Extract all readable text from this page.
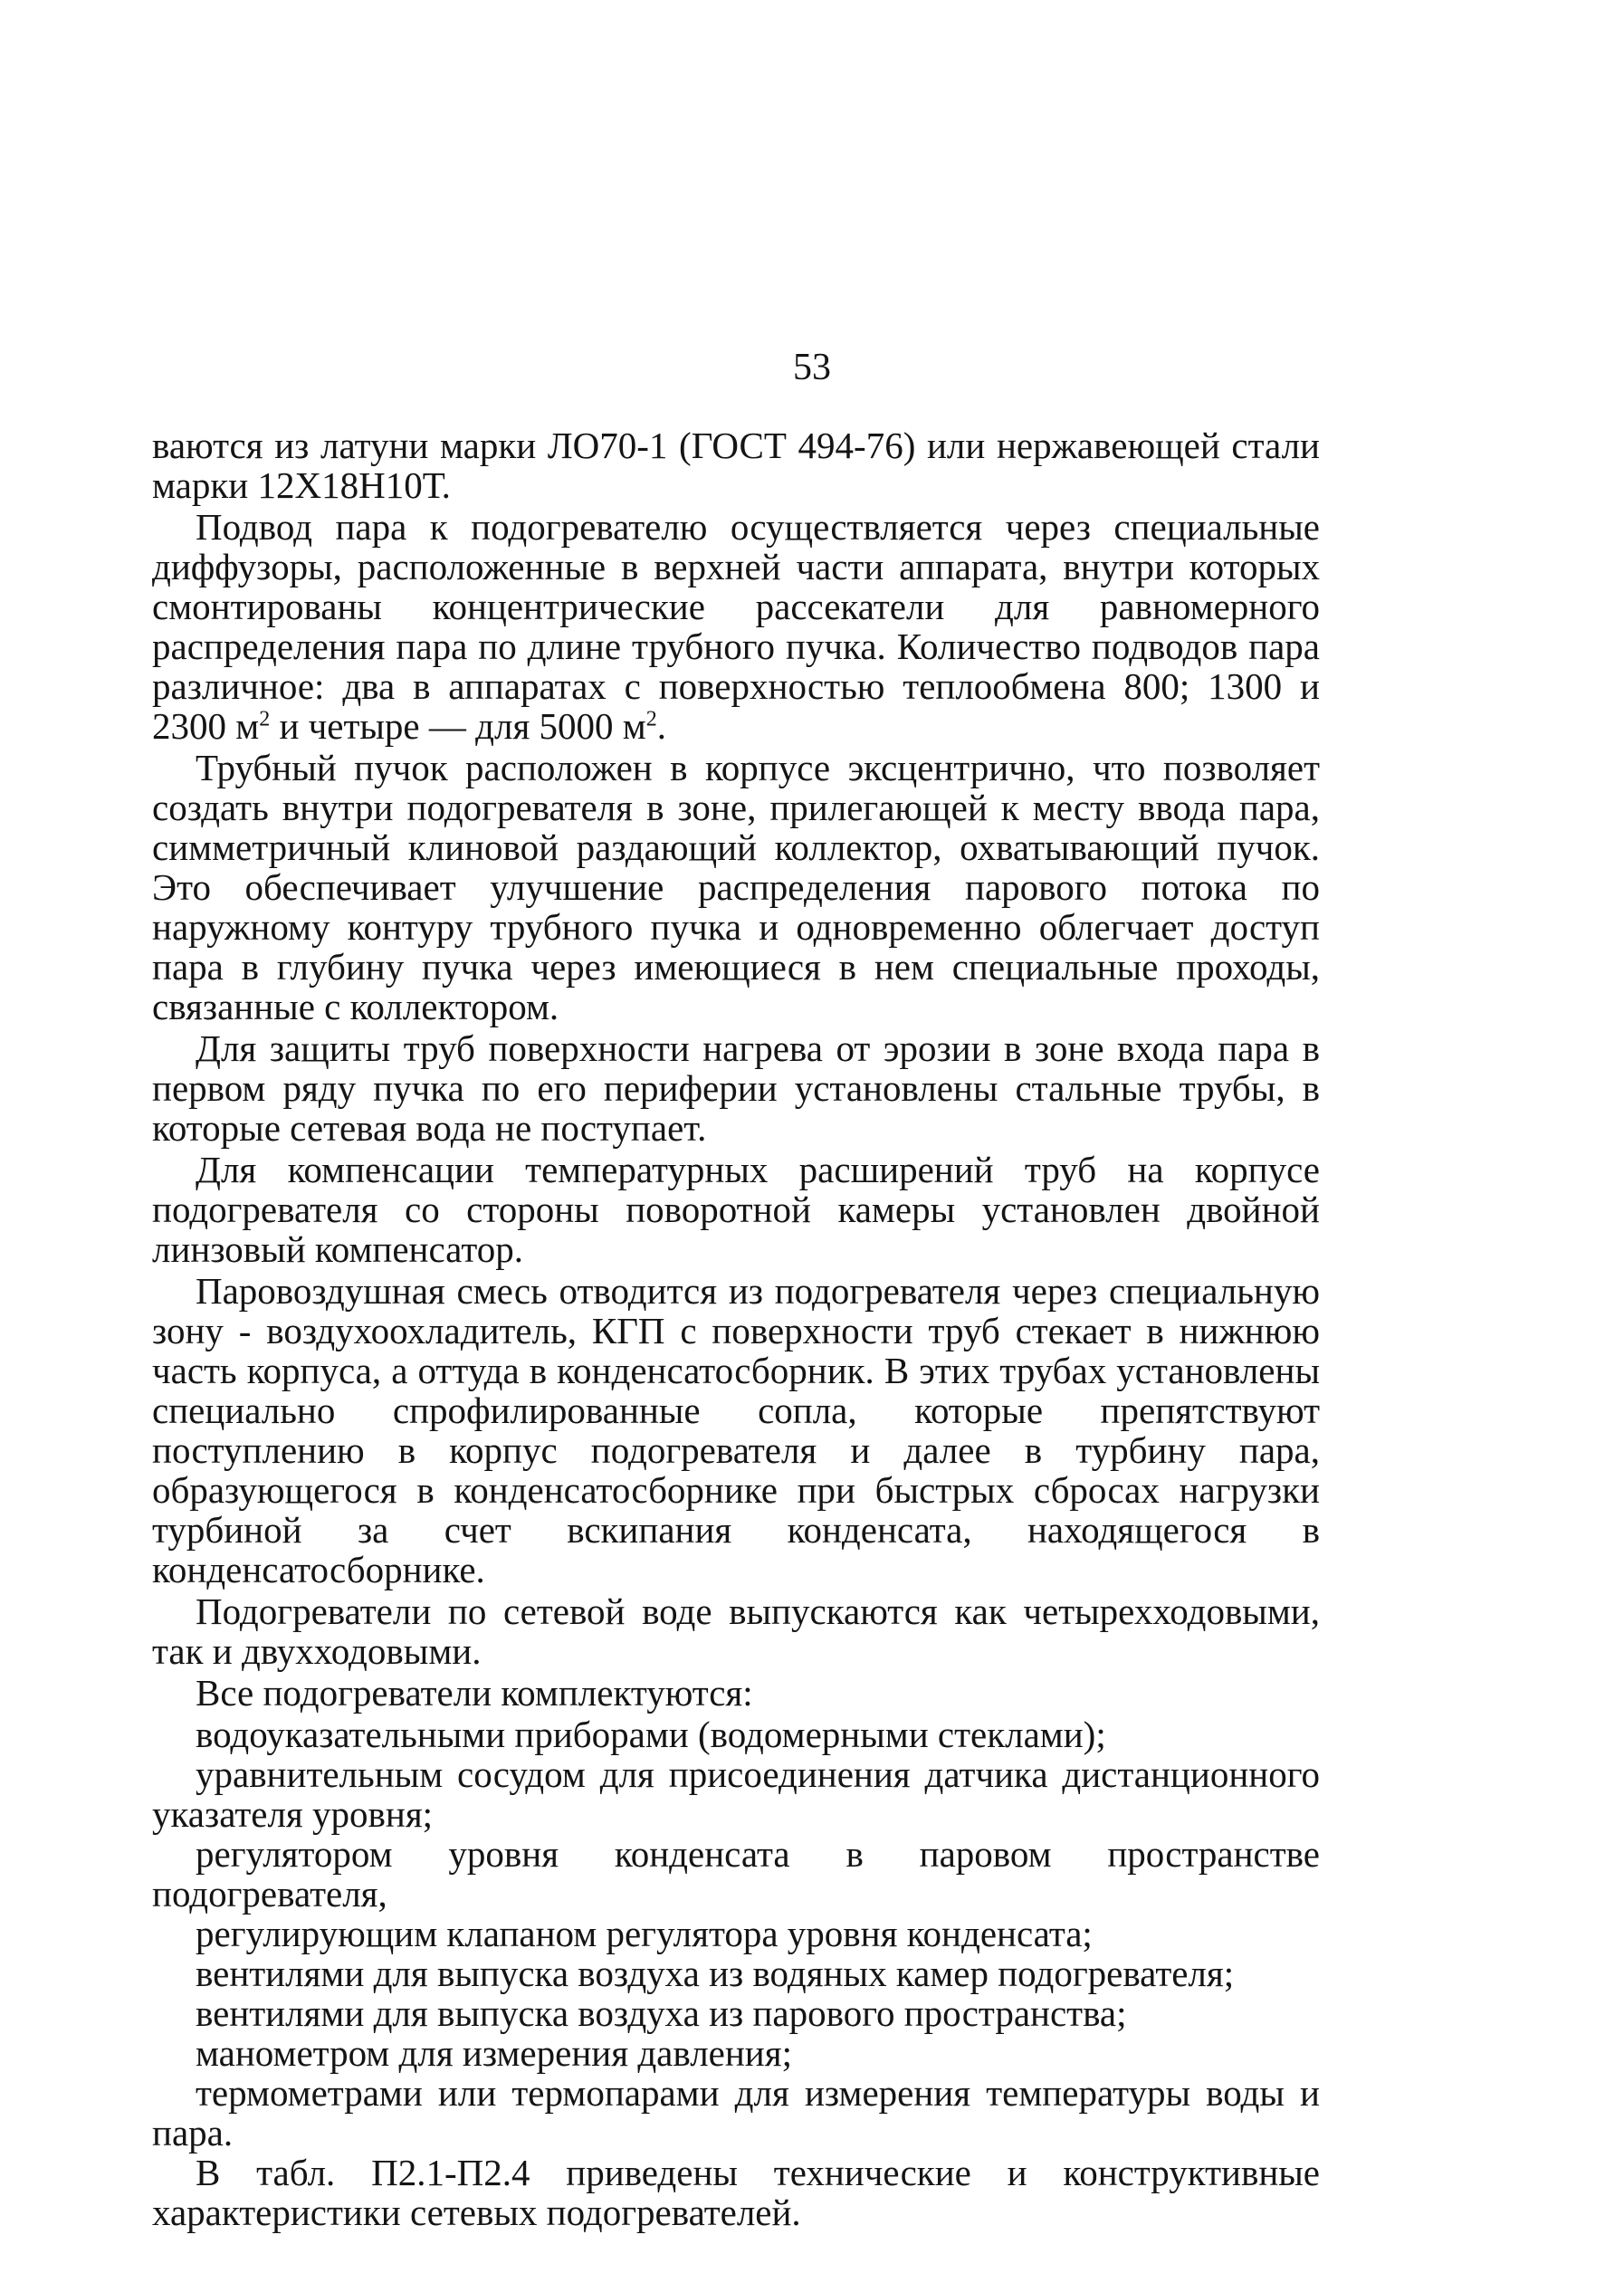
53

ваются из латуни марки ЛО70-1 (ГОСТ 494-76) или нержавеющей стали марки 12Х18Н10Т.

Подвод пара к подогревателю осуществляется через специальные диффузоры, расположенные в верхней части аппарата, внутри которых смонтированы концентрические рассекатели для равномерного распределения пара по длине трубного пучка. Количество подводов пара различное: два в аппаратах с поверхностью теплообмена 800; 1300 и 2300 $м^2$ и четыре — для 5000 $м^2$.

Трубный пучок расположен в корпусе эксцентрично, что позволяет создать внутри подогревателя в зоне, прилегающей к месту ввода пара, симметричный клиновой раздающий коллектор, охватывающий пучок. Это обеспечивает улучшение распределения парового потока по наружному контуру трубного пучка и одновременно облегчает доступ пара в глубину пучка через имеющиеся в нем специальные проходы, связанные с коллектором.

Для защиты труб поверхности нагрева от эрозии в зоне входа пара в первом ряду пучка по его периферии установлены стальные трубы, в которые сетевая вода не поступает.

Для компенсации температурных расширений труб на корпусе подогревателя со стороны поворотной камеры установлен двойной линзовый компенсатор.

Паровоздушная смесь отводится из подогревателя через специальную зону - воздухоохладитель, КГП с поверхности труб стекает в нижнюю часть корпуса, а оттуда в конденсатосборник. В этих трубах установлены специально спрофилированные сопла, которые препятствуют поступлению в корпус подогревателя и далее в турбину пара, образующегося в конденсатосборнике при быстрых сбросах нагрузки турбиной за счет вскипания конденсата, находящегося в конденсатосборнике.

Подогреватели по сетевой воде выпускаются как четырехходовыми, так и двухходовыми.

Все подогреватели комплектуются:

водоуказательными приборами (водомерными стеклами);

уравнительным сосудом для присоединения датчика дистанционного указателя уровня;

регулятором уровня конденсата в паровом пространстве подогревателя,

регулирующим клапаном регулятора уровня конденсата;

вентилями для выпуска воздуха из водяных камер подогревателя;

вентилями для выпуска воздуха из парового пространства;

манометром для измерения давления;

термометрами или термопарами для измерения температуры воды и пара.

В табл. П2.1-П2.4 приведены технические и конструктивные характеристики сетевых подогревателей.
